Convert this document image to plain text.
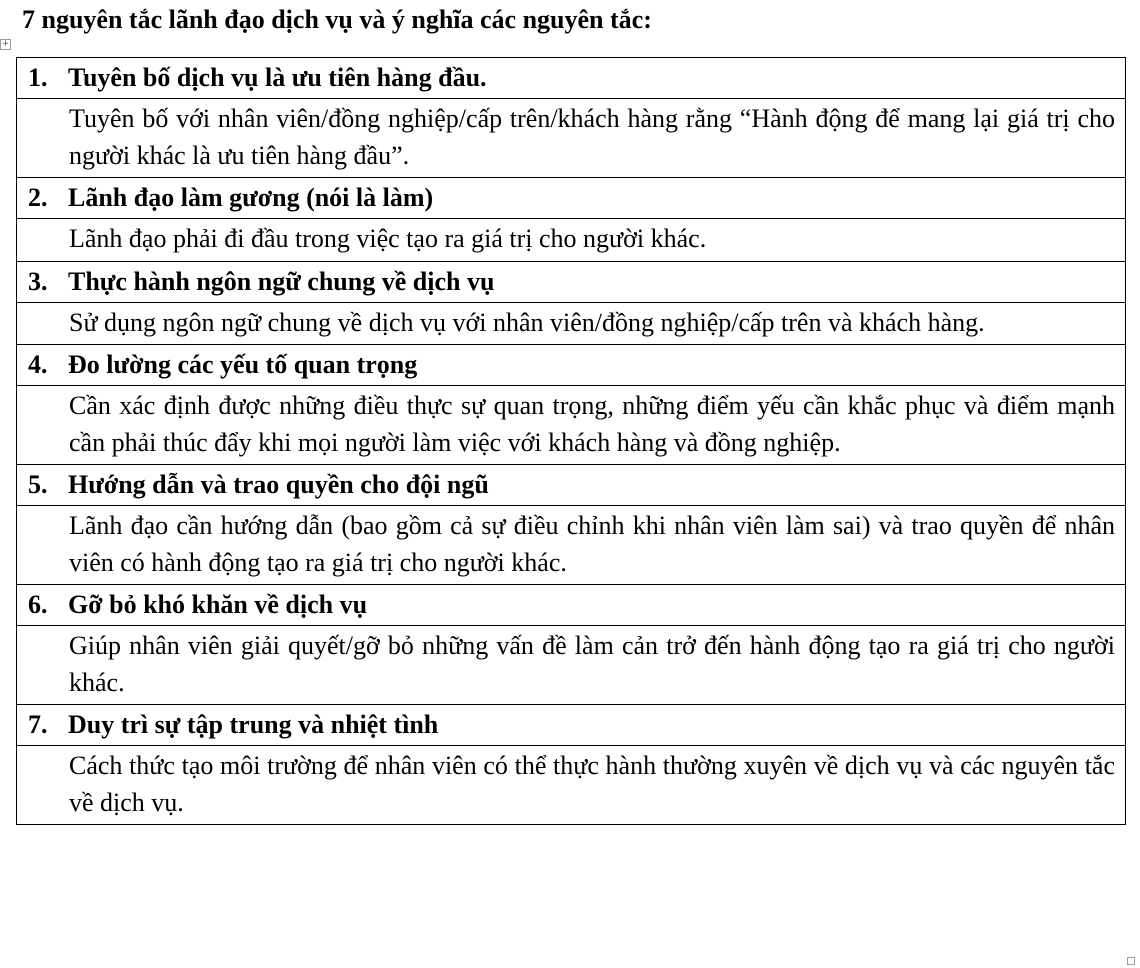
7 nguyên tắc lãnh đạo dịch vụ và ý nghĩa các nguyên tắc:
+
1. Tuyên bố dịch vụ là ưu tiên hàng đầu.
Tuyên bố với nhân viên/đồng nghiệp/cấp trên/khách hàng rằng “Hành động để mang lại giá trị cho người khác là ưu tiên hàng đầu”.
2. Lãnh đạo làm gương (nói là làm)
Lãnh đạo phải đi đầu trong việc tạo ra giá trị cho người khác.
3. Thực hành ngôn ngữ chung về dịch vụ
Sử dụng ngôn ngữ chung về dịch vụ với nhân viên/đồng nghiệp/cấp trên và khách hàng.
4. Đo lường các yếu tố quan trọng
Cần xác định được những điều thực sự quan trọng, những điểm yếu cần khắc phục và điểm mạnh cần phải thúc đẩy khi mọi người làm việc với khách hàng và đồng nghiệp.
5. Hướng dẫn và trao quyền cho đội ngũ
Lãnh đạo cần hướng dẫn (bao gồm cả sự điều chỉnh khi nhân viên làm sai) và trao quyền để nhân viên có hành động tạo ra giá trị cho người khác.
6. Gỡ bỏ khó khăn về dịch vụ
Giúp nhân viên giải quyết/gỡ bỏ những vấn đề làm cản trở đến hành động tạo ra giá trị cho người khác.
7. Duy trì sự tập trung và nhiệt tình
Cách thức tạo môi trường để nhân viên có thể thực hành thường xuyên về dịch vụ và các nguyên tắc về dịch vụ.
